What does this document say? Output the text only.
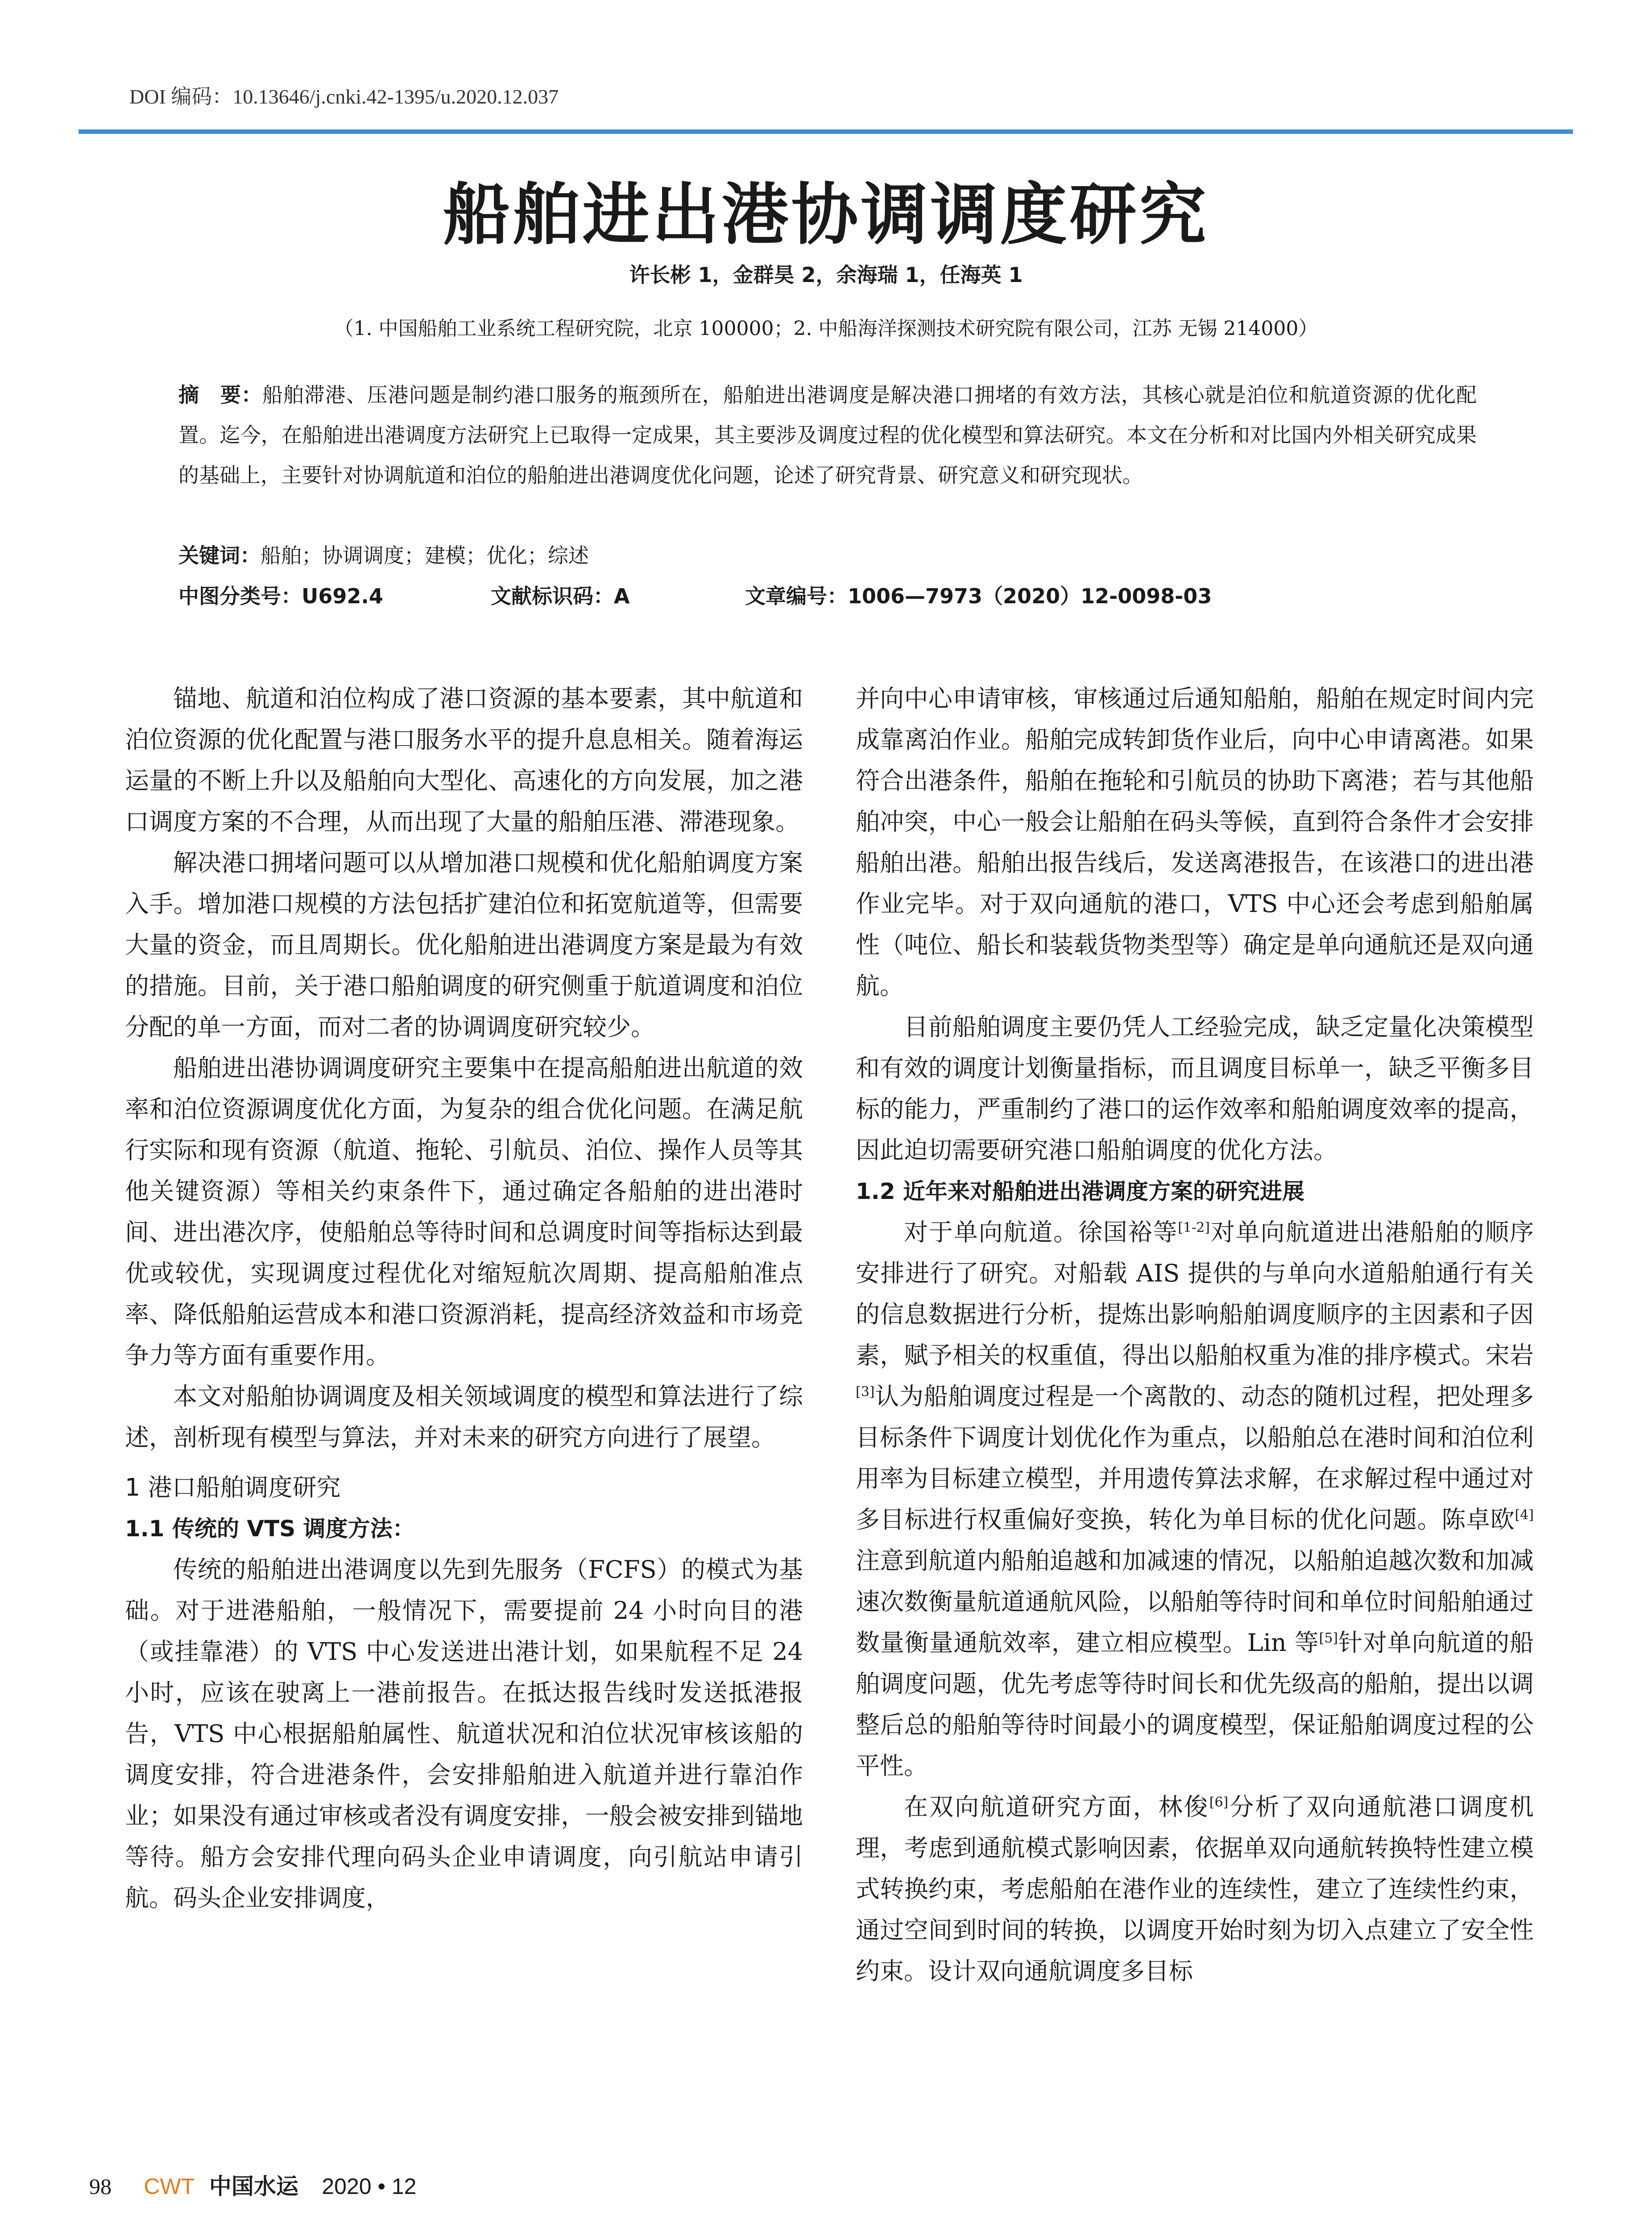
DOI 编码：10.13646/j.cnki.42-1395/u.2020.12.037
船舶进出港协调调度研究
许长彬 1，金群昊 2，余海瑞 1，任海英 1
（1. 中国船舶工业系统工程研究院，北京 100000；2. 中船海洋探测技术研究院有限公司，江苏 无锡 214000）
摘　要：船舶滞港、压港问题是制约港口服务的瓶颈所在，船舶进出港调度是解决港口拥堵的有效方法，其核心就是泊位和航道资源的优化配置。迄今，在船舶进出港调度方法研究上已取得一定成果，其主要涉及调度过程的优化模型和算法研究。本文在分析和对比国内外相关研究成果的基础上，主要针对协调航道和泊位的船舶进出港调度优化问题，论述了研究背景、研究意义和研究现状。
关键词：船舶；协调调度；建模；优化；综述
中图分类号：U692.4	文献标识码：A	文章编号：1006—7973（2020）12-0098-03

锚地、航道和泊位构成了港口资源的基本要素，其中航道和泊位资源的优化配置与港口服务水平的提升息息相关。随着海运运量的不断上升以及船舶向大型化、高速化的方向发展，加之港口调度方案的不合理，从而出现了大量的船舶压港、滞港现象。

解决港口拥堵问题可以从增加港口规模和优化船舶调度方案入手。增加港口规模的方法包括扩建泊位和拓宽航道等，但需要大量的资金，而且周期长。优化船舶进出港调度方案是最为有效的措施。目前，关于港口船舶调度的研究侧重于航道调度和泊位分配的单一方面，而对二者的协调调度研究较少。

船舶进出港协调调度研究主要集中在提高船舶进出航道的效率和泊位资源调度优化方面，为复杂的组合优化问题。在满足航行实际和现有资源（航道、拖轮、引航员、泊位、操作人员等其他关键资源）等相关约束条件下，通过确定各船舶的进出港时间、进出港次序，使船舶总等待时间和总调度时间等指标达到最优或较优，实现调度过程优化对缩短航次周期、提高船舶准点率、降低船舶运营成本和港口资源消耗，提高经济效益和市场竞争力等方面有重要作用。

本文对船舶协调调度及相关领域调度的模型和算法进行了综述，剖析现有模型与算法，并对未来的研究方向进行了展望。

1 港口船舶调度研究
1.1 传统的 VTS 调度方法：

传统的船舶进出港调度以先到先服务（FCFS）的模式为基础。对于进港船舶，一般情况下，需要提前 24 小时向目的港（或挂靠港）的 VTS 中心发送进出港计划，如果航程不足 24 小时，应该在驶离上一港前报告。在抵达报告线时发送抵港报告，VTS 中心根据船舶属性、航道状况和泊位状况审核该船的调度安排，符合进港条件，会安排船舶进入航道并进行靠泊作业；如果没有通过审核或者没有调度安排，一般会被安排到锚地等待。船方会安排代理向码头企业申请调度，向引航站申请引航。码头企业安排调度，

并向中心申请审核，审核通过后通知船舶，船舶在规定时间内完成靠离泊作业。船舶完成转卸货作业后，向中心申请离港。如果符合出港条件，船舶在拖轮和引航员的协助下离港；若与其他船舶冲突，中心一般会让船舶在码头等候，直到符合条件才会安排船舶出港。船舶出报告线后，发送离港报告，在该港口的进出港作业完毕。对于双向通航的港口，VTS 中心还会考虑到船舶属性（吨位、船长和装载货物类型等）确定是单向通航还是双向通航。

目前船舶调度主要仍凭人工经验完成，缺乏定量化决策模型和有效的调度计划衡量指标，而且调度目标单一，缺乏平衡多目标的能力，严重制约了港口的运作效率和船舶调度效率的提高，因此迫切需要研究港口船舶调度的优化方法。

1.2 近年来对船舶进出港调度方案的研究进展

对于单向航道。徐国裕等[1-2]对单向航道进出港船舶的顺序安排进行了研究。对船载 AIS 提供的与单向水道船舶通行有关的信息数据进行分析，提炼出影响船舶调度顺序的主因素和子因素，赋予相关的权重值，得出以船舶权重为准的排序模式。宋岩[3]认为船舶调度过程是一个离散的、动态的随机过程，把处理多目标条件下调度计划优化作为重点，以船舶总在港时间和泊位利用率为目标建立模型，并用遗传算法求解，在求解过程中通过对多目标进行权重偏好变换，转化为单目标的优化问题。陈卓欧[4]注意到航道内船舶追越和加减速的情况，以船舶追越次数和加减速次数衡量航道通航风险，以船舶等待时间和单位时间船舶通过数量衡量通航效率，建立相应模型。Lin 等[5]针对单向航道的船舶调度问题，优先考虑等待时间长和优先级高的船舶，提出以调整后总的船舶等待时间最小的调度模型，保证船舶调度过程的公平性。

在双向航道研究方面，林俊[6]分析了双向通航港口调度机理，考虑到通航模式影响因素，依据单双向通航转换特性建立模式转换约束，考虑船舶在港作业的连续性，建立了连续性约束，通过空间到时间的转换，以调度开始时刻为切入点建立了安全性约束。设计双向通航调度多目标

98 CWT 中国水运 2020 • 12
